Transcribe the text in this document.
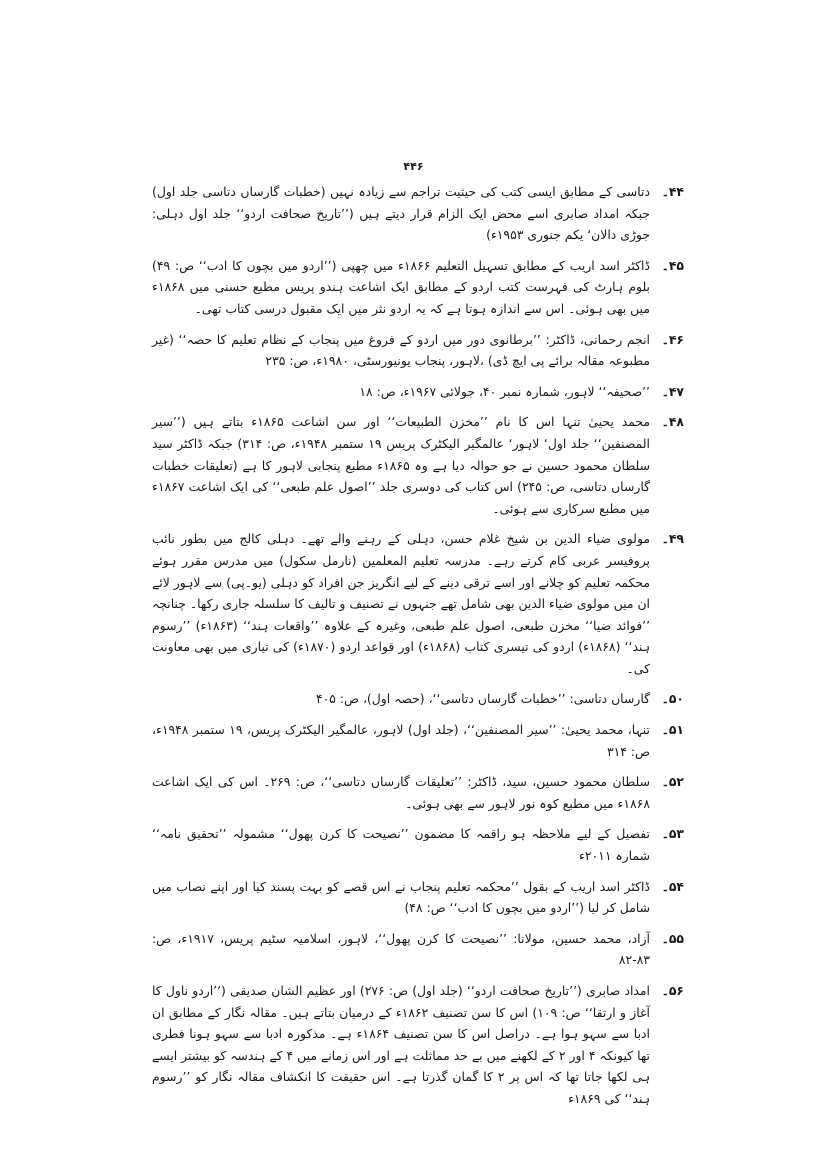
۴۴۶
۴۴۔
دتاسی کے مطابق ایسی کتب کی حیثیت تراجم سے زیادہ نہیں (خطبات گارساں دتاسی جلد اول) جبکہ امداد صابری اسے محض ایک الزام قرار دیتے ہیں (’’تاریخ صحافت اردو‘‘ جلد اول دہلی: جوڑی دالان‘ یکم جنوری ۱۹۵۳ء)
۴۵۔
ڈاکٹر اسد اریب کے مطابق تسہیل التعلیم ۱۸۶۶ء میں چھپی (’’اردو میں بچوں کا ادب‘‘ ص: ۴۹) بلوم ہارٹ کی فہرست کتب اردو کے مطابق ایک اشاعت ہندو پریس مطبع حسنی میں ۱۸۶۸ء میں بھی ہوئی۔ اس سے اندازہ ہوتا ہے کہ یہ اردو نثر میں ایک مقبول درسی کتاب تھی۔
۴۶۔
انجم رحمانی، ڈاکٹر: ’’برطانوی دور میں اردو کے فروغ میں پنجاب کے نظام تعلیم کا حصہ‘‘ (غیر مطبوعہ مقالہ برائے پی ایچ ڈی) ،لاہور، پنجاب یونیورسٹی، ۱۹۸۰ء، ص: ۲۳۵
۴۷۔
’’صحیفہ‘‘ لاہور، شمارہ نمبر ۴۰، جولائی ۱۹۶۷ء، ص: ۱۸
۴۸۔
محمد یحییٰ تنہا اس کا نام ’’مخزن الطبیعات‘‘ اور سن اشاعت ۱۸۶۵ء بتاتے ہیں (’’سیر المصنفین‘‘ جلد اول‘ لاہور‘ عالمگیر الیکٹرک پریس ۱۹ ستمبر ۱۹۴۸ء، ص: ۳۱۴) جبکہ ڈاکٹر سید سلطان محمود حسین نے جو حوالہ دیا ہے وہ ۱۸۶۵ء مطبع پنجابی لاہور کا ہے (تعلیقات خطبات گارساں دتاسی، ص: ۲۴۵) اس کتاب کی دوسری جلد ’’اصول علم طبعی‘‘ کی ایک اشاعت ۱۸۶۷ء میں مطبع سرکاری سے ہوئی۔
۴۹۔
مولوی ضیاء الدین بن شیخ غلام حسن، دہلی کے رہنے والے تھے۔ دہلی کالج میں بطور نائب پروفیسر عربی کام کرتے رہے۔ مدرسہ تعلیم المعلمین (نارمل سکول) میں مدرس مقرر ہوئے محکمہ تعلیم کو چلانے اور اسے ترقی دینے کے لیے انگریز جن افراد کو دہلی (یو۔پی) سے لاہور لائے ان میں مولوی ضیاء الدین بھی شامل تھے جنہوں نے تصنیف و تالیف کا سلسلہ جاری رکھا۔ چنانچہ ’’فوائد ضیا‘‘ مخزن طبعی، اصول علم طبعی، وغیرہ کے علاوہ ’’واقعات ہند‘‘ (۱۸۶۳ء) ’’رسوم ہند‘‘ (۱۸۶۸ء) اردو کی تیسری کتاب (۱۸۶۸ء) اور قواعد اردو (۱۸۷۰ء) کی تیاری میں بھی معاونت کی۔
۵۰۔
گارساں دتاسی: ’’خطبات گارساں دتاسی‘‘، (حصہ اول)، ص: ۴۰۵
۵۱۔
تنہا، محمد یحییٰ: ’’سیر المصنفین‘‘، (جلد اول) لاہور، عالمگیر الیکٹرک پریس، ۱۹ ستمبر ۱۹۴۸ء، ص: ۳۱۴
۵۲۔
سلطان محمود حسین، سید، ڈاکٹر: ’’تعلیقات گارساں دتاسی‘‘، ص: ۲۶۹۔ اس کی ایک اشاعت ۱۸۶۸ء میں مطبع کوہ نور لاہور سے بھی ہوئی۔
۵۳۔
تفصیل کے لیے ملاحظہ ہو راقمہ کا مضمون ’’نصیحت کا کرن پھول‘‘ مشمولہ ’’تحقیق نامہ‘‘ شمارہ ۲۰۱۱ء
۵۴۔
ڈاکٹر اسد اریب کے بقول ’’محکمہ تعلیم پنجاب نے اس قصے کو بہت پسند کیا اور اپنے نصاب میں شامل کر لیا (’’اردو میں بچوں کا ادب‘‘ ص: ۴۸)
۵۵۔
آزاد، محمد حسین، مولانا: ’’نصیحت کا کرن پھول‘‘، لاہور، اسلامیہ سٹیم پریس، ۱۹۱۷ء، ص: ۸۳-۸۲
۵۶۔
امداد صابری (’’تاریخ صحافت اردو‘‘ (جلد اول) ص: ۲۷۶) اور عظیم الشان صدیقی (’’اردو ناول کا آغاز و ارتقا‘‘ ص: ۱۰۹) اس کا سن تصنیف ۱۸۶۲ء کے درمیان بتاتے ہیں۔ مقالہ نگار کے مطابق ان ادبا سے سہو ہوا ہے۔ دراصل اس کا سن تصنیف ۱۸۶۴ء ہے۔ مذکورہ ادبا سے سہو ہونا فطری تھا کیونکہ ۴ اور ۲ کے لکھنے میں بے حد مماثلت ہے اور اس زمانے میں ۴ کے ہندسہ کو بیشتر ایسے ہی لکھا جاتا تھا کہ اس پر ۲ کا گمان گذرتا ہے۔ اس حقیقت کا انکشاف مقالہ نگار کو ’’رسوم ہند‘‘ کی ۱۸۶۹ء
